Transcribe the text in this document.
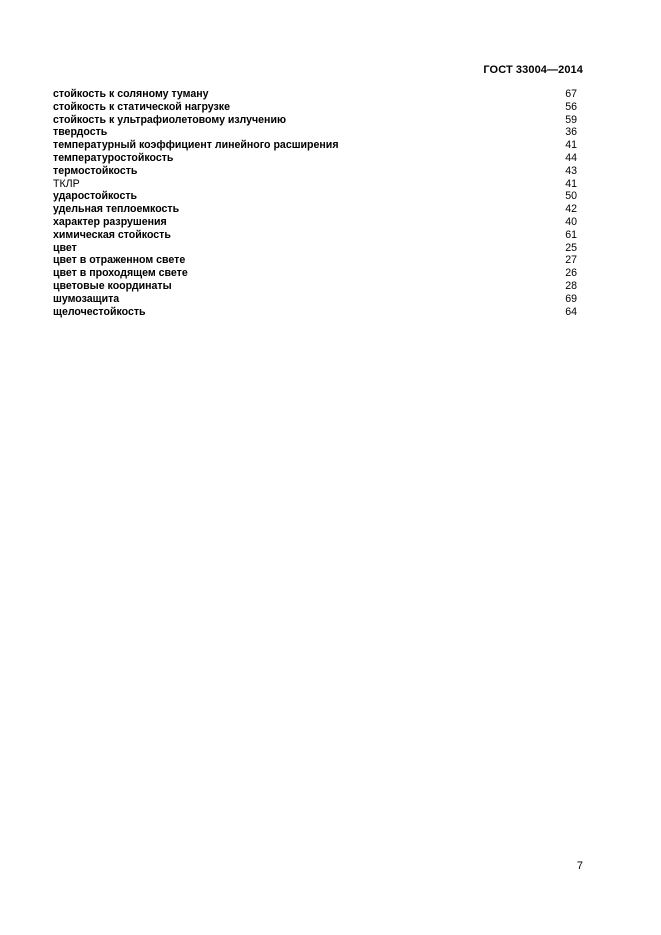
ГОСТ 33004—2014
стойкость к соляному туману	67
стойкость к статической нагрузке	56
стойкость к ультрафиолетовому излучению	59
твердость	36
температурный коэффициент линейного расширения	41
температуростойкость	44
термостойкость	43
ТКЛР	41
ударостойкость	50
удельная теплоемкость	42
характер разрушения	40
химическая стойкость	61
цвет	25
цвет в отраженном свете	27
цвет в проходящем свете	26
цветовые координаты	28
шумозащита	69
щелочестойкость	64
7
